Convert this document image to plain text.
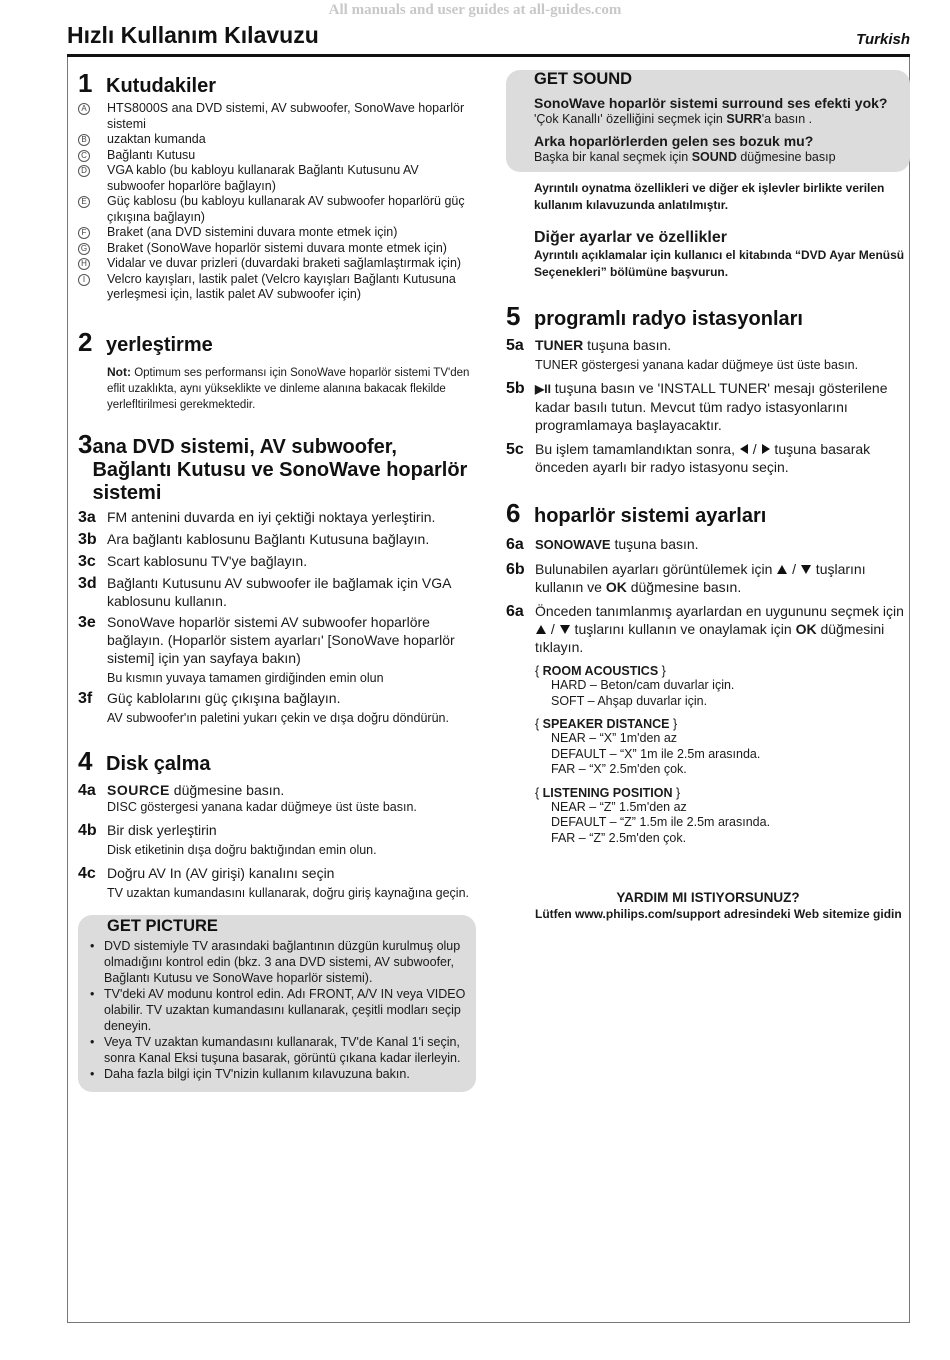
All manuals and user guides at all-guides.com
Hızlı Kullanım Kılavuzu	Turkish
1 Kutudakiler
A HTS8000S ana DVD sistemi, AV subwoofer, SonoWave hoparlör sistemi
B uzaktan kumanda
C Bağlantı Kutusu
D VGA kablo (bu kabloyu kullanarak Bağlantı Kutusunu AV subwoofer hoparlöre bağlayın)
E Güç kablosu (bu kabloyu kullanarak AV subwoofer hoparlörü güç çıkışına bağlayın)
F Braket (ana DVD sistemini duvara monte etmek için)
G Braket (SonoWave hoparlör sistemi duvara monte etmek için)
H Vidalar ve duvar prizleri (duvardaki braketi sağlamlaştırmak için)
I	Velcro kayışları, lastik palet (Velcro kayışları Bağlantı Kutusuna yerleşmesi için, lastik palet AV subwoofer için)
2 yerleştirme
Not: Optimum ses performansı için SonoWave hoparlör sistemi TV'den eflit uzaklıkta, aynı yükseklikte ve dinleme alanına bakacak flekilde yerlefltirilmesi gerekmektedir.
3 ana DVD sistemi, AV subwoofer, Bağlantı Kutusu ve SonoWave hoparlör sistemi
3a FM antenini duvarda en iyi çektiği noktaya yerleştirin.
3b Ara bağlantı kablosunu Bağlantı Kutusuna bağlayın.
3c Scart kablosunu TV'ye bağlayın.
3d Bağlantı Kutusunu AV subwoofer ile bağlamak için VGA kablosunu kullanın.
3e SonoWave hoparlör sistemi AV subwoofer hoparlöre bağlayın. (Hoparlör sistem ayarları' [SonoWave hoparlör sistemi] için yan sayfaya bakın)
Bu kısmın yuvaya tamamen girdiğinden emin olun
3f	Güç kablolarını güç çıkışına bağlayın.
AV subwoofer'ın paletini yukarı çekin ve dışa doğru döndürün.
4 Disk çalma
4a SOURCE düğmesine basın.
DISC göstergesi yanana kadar düğmeye üst üste basın.
4b Bir disk yerleştirin
Disk etiketinin dışa doğru baktığından emin olun.
4c Doğru AV In (AV girişi) kanalını seçin
TV uzaktan kumandasını kullanarak, doğru giriş kaynağına geçin.
GET PICTURE
• DVD sistemiyle TV arasındaki bağlantının düzgün kurulmuş olup olmadığını kontrol edin (bkz. 3 ana DVD sistemi, AV subwoofer, Bağlantı Kutusu ve SonoWave hoparlör sistemi).
• TV'deki AV modunu kontrol edin. Adı FRONT, A/V IN veya VIDEO olabilir. TV uzaktan kumandasını kullanarak, çeşitli modları seçip deneyin.
• Veya TV uzaktan kumandasını kullanarak, TV'de Kanal 1'i seçin, sonra Kanal Eksi tuşuna basarak, görüntü çıkana kadar ilerleyin.
• Daha fazla bilgi için TV'nizin kullanım kılavuzuna bakın.
GET SOUND
SonoWave hoparlör sistemi surround ses efekti yok?
'Çok Kanallı' özelliğini seçmek için SURR'a basın .
Arka hoparlörlerden gelen ses bozuk mu?
Başka bir kanal seçmek için SOUND düğmesine basıp
Ayrıntılı oynatma özellikleri ve diğer ek işlevler birlikte verilen kullanım kılavuzunda anlatılmıştır.
Diğer ayarlar ve özellikler
Ayrıntılı açıklamalar için kullanıcı el kitabında “DVD Ayar Menüsü Seçenekleri” bölümüne başvurun.
5 programlı radyo istasyonları
5a TUNER tuşuna basın.
TUNER göstergesi yanana kadar düğmeye üst üste basın.
5b ▶II tuşuna basın ve 'INSTALL TUNER' mesajı gösterilene kadar basılı tutun. Mevcut tüm radyo istasyonlarını programlamaya başlayacaktır.
5c Bu işlem tamamlandıktan sonra,  /  tuşuna basarak önceden ayarlı bir radyo istasyonu seçin.
6 hoparlör sistemi ayarları
6a SONOWAVE tuşuna basın.
6b Bulunabilen ayarları görüntülemek için  /  tuşlarını kullanın ve OK düğmesine basın.
6a Önceden tanımlanmış ayarlardan en uygununu seçmek için  /  tuşlarını kullanın ve onaylamak için OK düğmesini tıklayın.
{ ROOM ACOUSTICS }
HARD – Beton/cam duvarlar için.
SOFT – Ahşap duvarlar için.
{ SPEAKER DISTANCE }
NEAR – “X” 1m'den az
DEFAULT – “X” 1m ile 2.5m arasında.
FAR – “X” 2.5m'den çok.
{ LISTENING POSITION }
NEAR – “Z” 1.5m'den az
DEFAULT – “Z” 1.5m ile 2.5m arasında.
FAR – “Z” 2.5m'den çok.
YARDIM MI ISTIYORSUNUZ?
Lütfen www.philips.com/support adresindeki Web sitemize gidin
